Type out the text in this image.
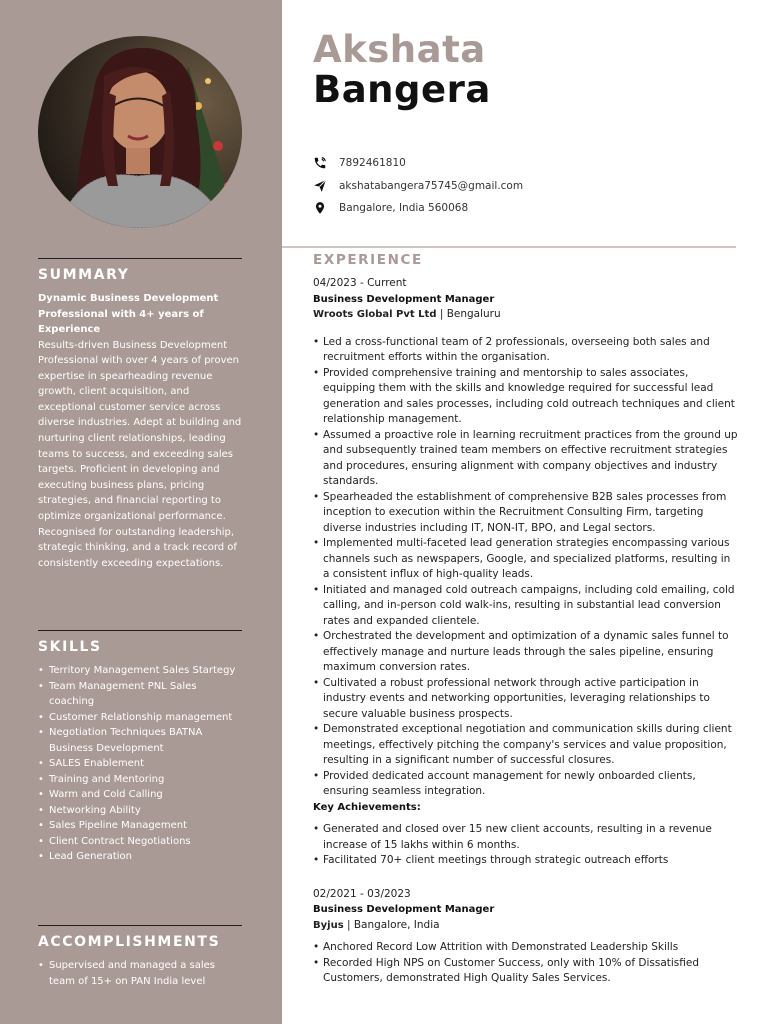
SUMMARY
Dynamic Business Development Professional with 4+ years of Experience
Results-driven Business Development Professional with over 4 years of proven expertise in spearheading revenue growth, client acquisition, and exceptional customer service across diverse industries. Adept at building and nurturing client relationships, leading teams to success, and exceeding sales targets. Proficient in developing and executing business plans, pricing strategies, and financial reporting to optimize organizational performance. Recognised for outstanding leadership, strategic thinking, and a track record of consistently exceeding expectations.
SKILLS
• Territory Management Sales Startegy
• Team Management PNL Sales coaching
• Customer Relationship management
• Negotiation Techniques BATNA Business Development
• SALES Enablement
• Training and Mentoring
• Warm and Cold Calling
• Networking Ability
• Sales Pipeline Management
• Client Contract Negotiations
• Lead Generation
ACCOMPLISHMENTS
• Supervised and managed a sales team of 15+ on PAN India level
Akshata
Bangera
7892461810
akshatabangera75745@gmail.com
Bangalore, India 560068
EXPERIENCE
04/2023 - Current
Business Development Manager
Wroots Global Pvt Ltd | Bengaluru
• Led a cross-functional team of 2 professionals, overseeing both sales and recruitment efforts within the organisation.
• Provided comprehensive training and mentorship to sales associates, equipping them with the skills and knowledge required for successful lead generation and sales processes, including cold outreach techniques and client relationship management.
• Assumed a proactive role in learning recruitment practices from the ground up and subsequently trained team members on effective recruitment strategies and procedures, ensuring alignment with company objectives and industry standards.
• Spearheaded the establishment of comprehensive B2B sales processes from inception to execution within the Recruitment Consulting Firm, targeting diverse industries including IT, NON-IT, BPO, and Legal sectors.
• Implemented multi-faceted lead generation strategies encompassing various channels such as newspapers, Google, and specialized platforms, resulting in a consistent influx of high-quality leads.
• Initiated and managed cold outreach campaigns, including cold emailing, cold calling, and in-person cold walk-ins, resulting in substantial lead conversion rates and expanded clientele.
• Orchestrated the development and optimization of a dynamic sales funnel to effectively manage and nurture leads through the sales pipeline, ensuring maximum conversion rates.
• Cultivated a robust professional network through active participation in industry events and networking opportunities, leveraging relationships to secure valuable business prospects.
• Demonstrated exceptional negotiation and communication skills during client meetings, effectively pitching the company's services and value proposition, resulting in a significant number of successful closures.
• Provided dedicated account management for newly onboarded clients, ensuring seamless integration.
Key Achievements:
• Generated and closed over 15 new client accounts, resulting in a revenue increase of 15 lakhs within 6 months.
• Facilitated 70+ client meetings through strategic outreach efforts
02/2021 - 03/2023
Business Development Manager
Byjus | Bangalore, India
• Anchored Record Low Attrition with Demonstrated Leadership Skills
• Recorded High NPS on Customer Success, only with 10% of Dissatisfied Customers, demonstrated High Quality Sales Services.
